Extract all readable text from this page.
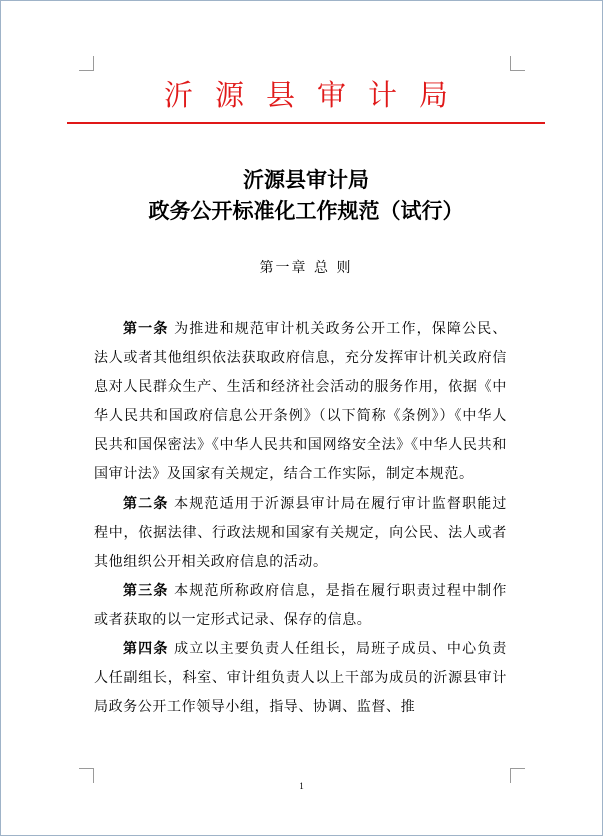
沂源县审计局
沂源县审计局
政务公开标准化工作规范（试行）
第一章 总 则

第一条 为推进和规范审计机关政务公开工作，保障公民、法人或者其他组织依法获取政府信息，充分发挥审计机关政府信息对人民群众生产、生活和经济社会活动的服务作用，依据《中华人民共和国政府信息公开条例》（以下简称《条例》）《中华人民共和国保密法》《中华人民共和国网络安全法》《中华人民共和国审计法》及国家有关规定，结合工作实际，制定本规范。

第二条 本规范适用于沂源县审计局在履行审计监督职能过程中，依据法律、行政法规和国家有关规定，向公民、法人或者其他组织公开相关政府信息的活动。

第三条 本规范所称政府信息，是指在履行职责过程中制作或者获取的以一定形式记录、保存的信息。

第四条 成立以主要负责人任组长，局班子成员、中心负责人任副组长，科室、审计组负责人以上干部为成员的沂源县审计局政务公开工作领导小组，指导、协调、监督、推

1
